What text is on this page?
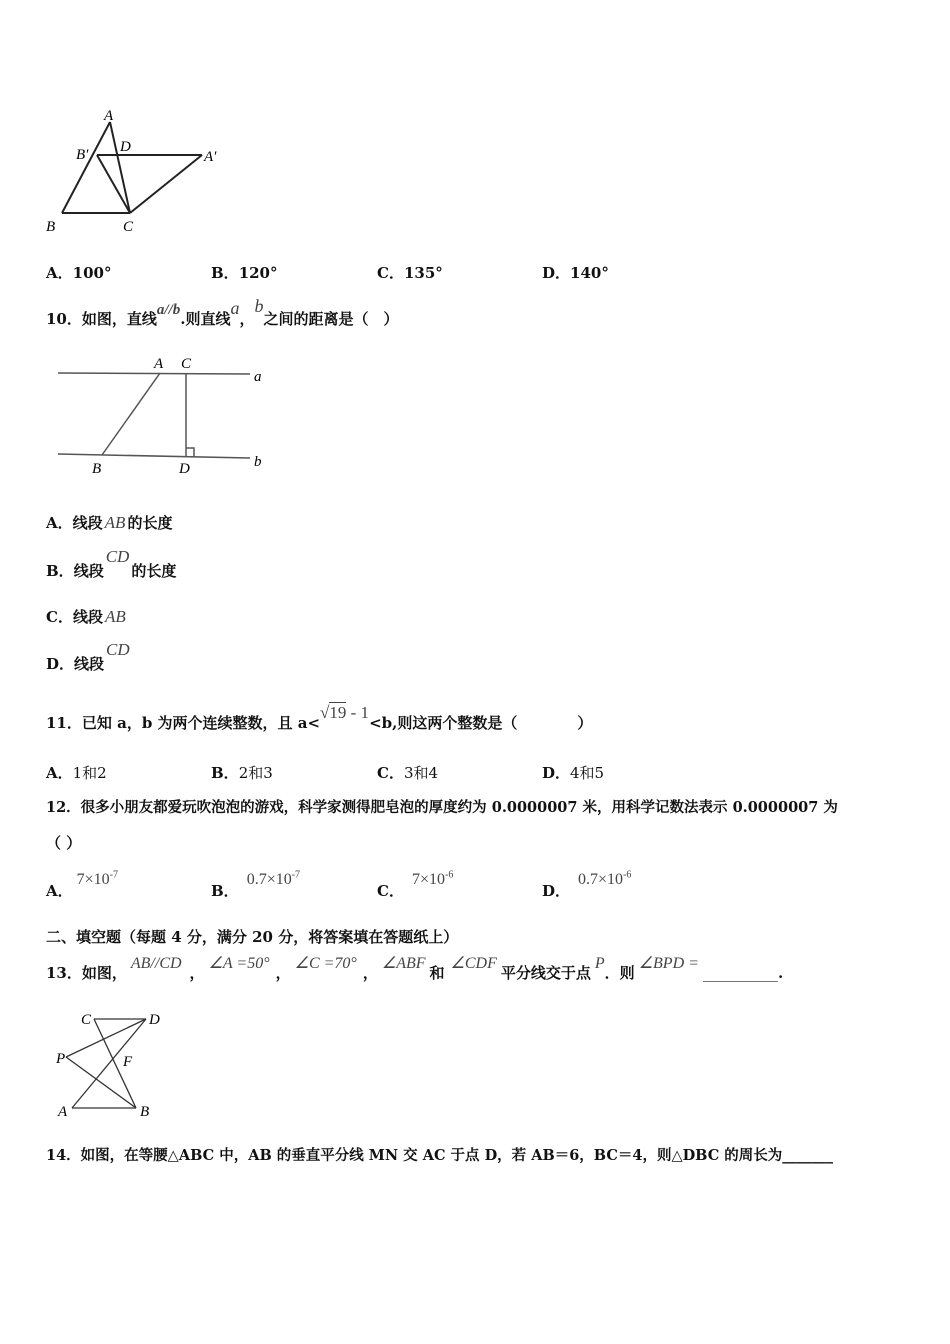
A
A′
B′ D
B	C
A．100°	B．120°	C．135°	D．140°
10．如图，直线a//b.则直线a，b之间的距离是（　）
A C
a
B	D	b
A．线段 AB 的长度
B．线段CD的长度
C．线段 AB
D．线段CD
11．已知 a，b 为两个连续整数，且 a<√19 - 1<b,则这两个整数是（　　　　）
A．1和2	B．2和3	C．3和4	D．4和5
12．很多小朋友都爱玩吹泡泡的游戏，科学家测得肥皂泡的厚度约为 0.0000007 米，用科学记数法表示 0.0000007 为
（ ）
A．$7\times 10^{-7}$
B．$0.7\times 10^{-7}$
C．$7\times 10^{-6}$
D．$0.7\times 10^{-6}$
二、填空题（每题 4 分，满分 20 分，将答案填在答题纸上）
13．如图，AB//CD，∠A =50°，∠C =70°，∠ABF和∠CDF平分线交于点P．则∠BPD =__________.
C	D
P	F
A	B
14．如图，在等腰△ABC 中，AB 的垂直平分线 MN 交 AC 于点 D，若 AB＝6，BC＝4，则△DBC 的周长为_______
